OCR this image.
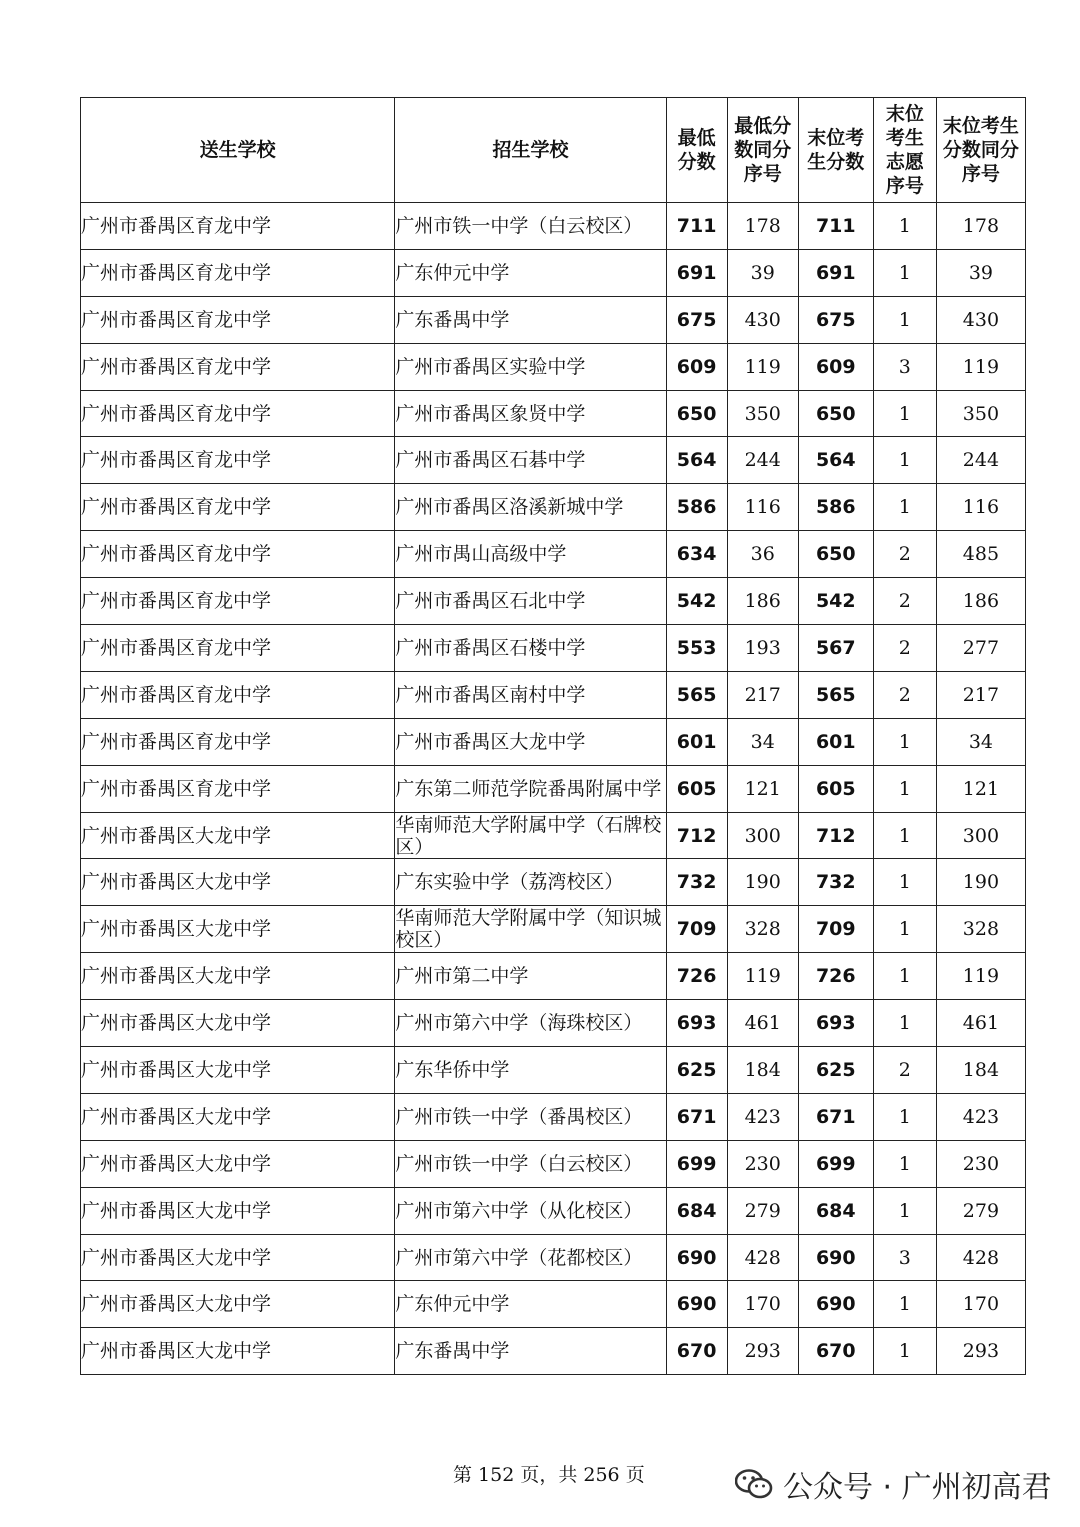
送生学校	招生学校	最低分数	最低分数同分序号	末位考生分数	末位考生志愿序号	末位考生分数同分序号
广州市番禺区育龙中学	广州市铁一中学（白云校区）	711	178	711	1	178
广州市番禺区育龙中学	广东仲元中学	691	39	691	1	39
广州市番禺区育龙中学	广东番禺中学	675	430	675	1	430
广州市番禺区育龙中学	广州市番禺区实验中学	609	119	609	3	119
广州市番禺区育龙中学	广州市番禺区象贤中学	650	350	650	1	350
广州市番禺区育龙中学	广州市番禺区石碁中学	564	244	564	1	244
广州市番禺区育龙中学	广州市番禺区洛溪新城中学	586	116	586	1	116
广州市番禺区育龙中学	广州市禺山高级中学	634	36	650	2	485
广州市番禺区育龙中学	广州市番禺区石北中学	542	186	542	2	186
广州市番禺区育龙中学	广州市番禺区石楼中学	553	193	567	2	277
广州市番禺区育龙中学	广州市番禺区南村中学	565	217	565	2	217
广州市番禺区育龙中学	广州市番禺区大龙中学	601	34	601	1	34
广州市番禺区育龙中学	广东第二师范学院番禺附属中学	605	121	605	1	121
广州市番禺区大龙中学	华南师范大学附属中学（石牌校区）	712	300	712	1	300
广州市番禺区大龙中学	广东实验中学（荔湾校区）	732	190	732	1	190
广州市番禺区大龙中学	华南师范大学附属中学（知识城校区）	709	328	709	1	328
广州市番禺区大龙中学	广州市第二中学	726	119	726	1	119
广州市番禺区大龙中学	广州市第六中学（海珠校区）	693	461	693	1	461
广州市番禺区大龙中学	广东华侨中学	625	184	625	2	184
广州市番禺区大龙中学	广州市铁一中学（番禺校区）	671	423	671	1	423
广州市番禺区大龙中学	广州市铁一中学（白云校区）	699	230	699	1	230
广州市番禺区大龙中学	广州市第六中学（从化校区）	684	279	684	1	279
广州市番禺区大龙中学	广州市第六中学（花都校区）	690	428	690	3	428
广州市番禺区大龙中学	广东仲元中学	690	170	690	1	170
广州市番禺区大龙中学	广东番禺中学	670	293	670	1	293
第 152 页，共 256 页	公众号 · 广州初高君
